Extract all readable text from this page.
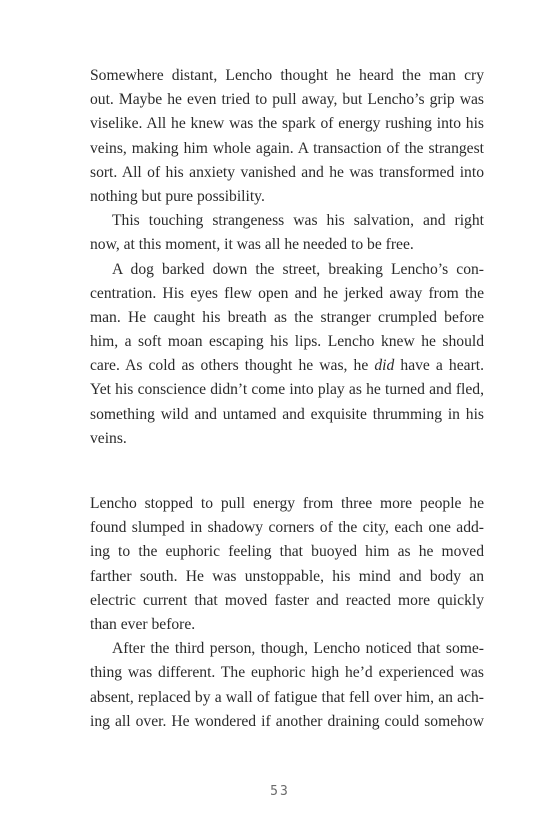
Somewhere distant, Lencho thought he heard the man cry
out. Maybe he even tried to pull away, but Lencho’s grip was
viselike. All he knew was the spark of energy rushing into his
veins, making him whole again. A transaction of the strangest
sort. All of his anxiety vanished and he was transformed into
nothing but pure possibility.
This touching strangeness was his salvation, and right
now, at this moment, it was all he needed to be free.
A dog barked down the street, breaking Lencho’s con-
centration. His eyes flew open and he jerked away from the
man. He caught his breath as the stranger crumpled before
him, a soft moan escaping his lips. Lencho knew he should
care. As cold as others thought he was, he did have a heart.
Yet his conscience didn’t come into play as he turned and fled,
something wild and untamed and exquisite thrumming in his
veins.
Lencho stopped to pull energy from three more people he
found slumped in shadowy corners of the city, each one add-
ing to the euphoric feeling that buoyed him as he moved
farther south. He was unstoppable, his mind and body an
electric current that moved faster and reacted more quickly
than ever before.
After the third person, though, Lencho noticed that some-
thing was different. The euphoric high he’d experienced was
absent, replaced by a wall of fatigue that fell over him, an ach-
ing all over. He wondered if another draining could somehow
53
